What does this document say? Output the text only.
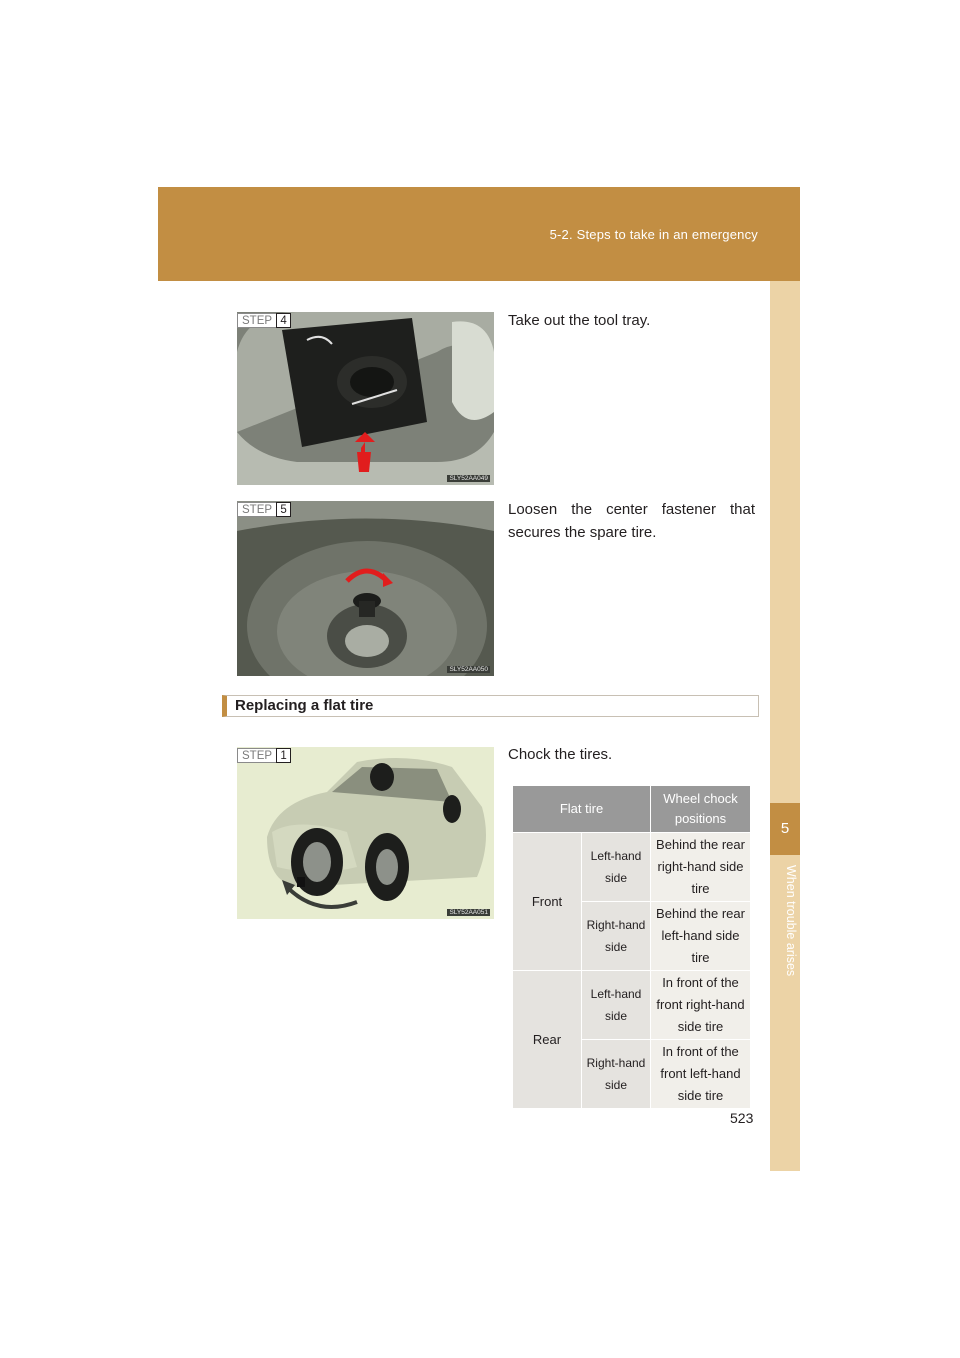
5-2. Steps to take in an emergency
5
When trouble arises
STEP 4
SLY52AA049
Take out the tool tray.
STEP 5
SLY52AA050
Loosen the center fastener that secures the spare tire.
Replacing a flat tire
STEP 1
SLY52AA051
Chock the tires.
Flat tire		Wheel chock positions
Front	Left-hand side	Behind the rear right-hand side tire
	Right-hand side	Behind the rear left-hand side tire
Rear	Left-hand side	In front of the front right-hand side tire
	Right-hand side	In front of the front left-hand side tire
523
